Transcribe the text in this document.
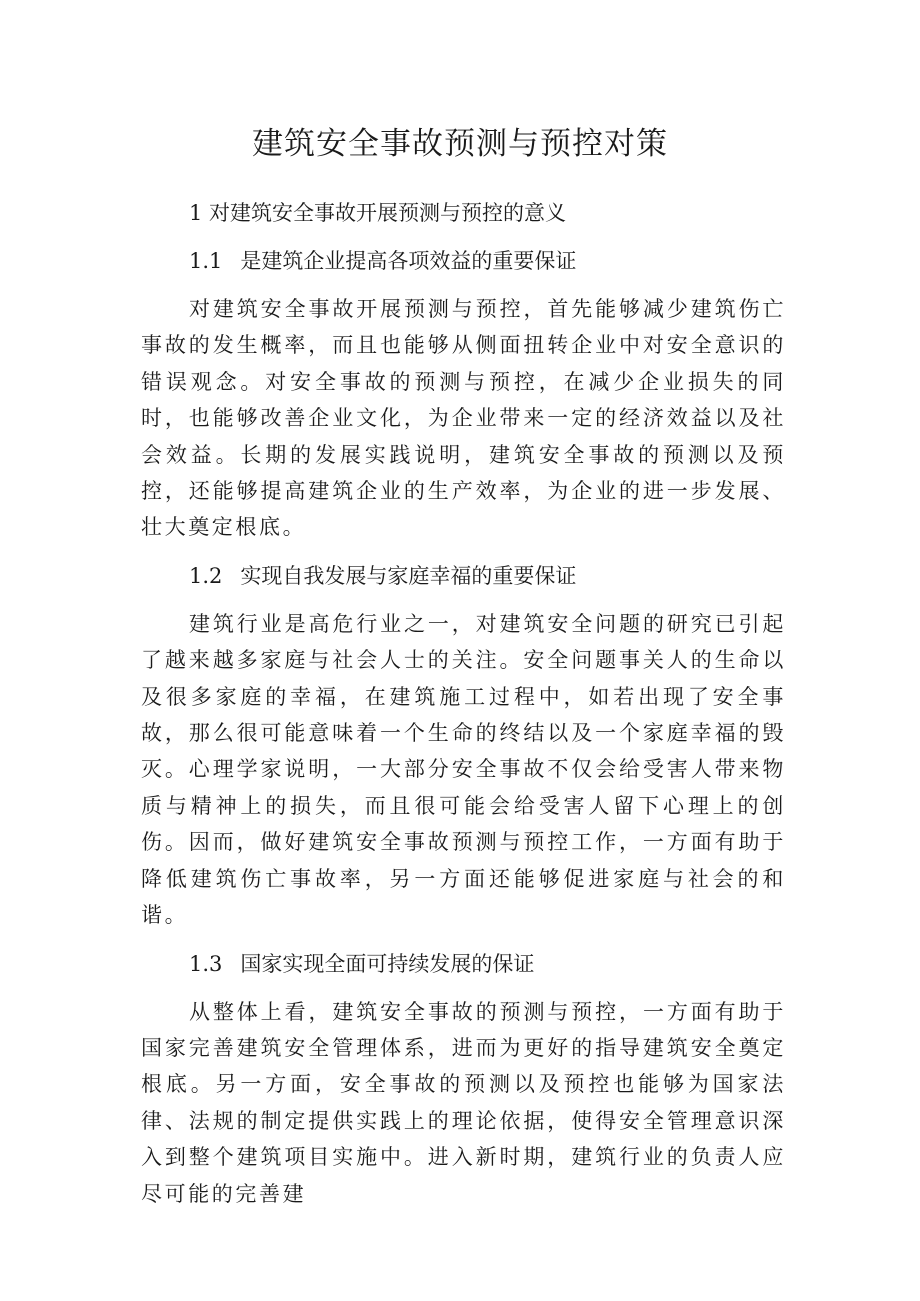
建筑安全事故预测与预控对策

1 对建筑安全事故开展预测与预控的意义

1.1 是建筑企业提高各项效益的重要保证

对建筑安全事故开展预测与预控，首先能够减少建筑伤亡事故的发生概率，而且也能够从侧面扭转企业中对安全意识的错误观念。对安全事故的预测与预控，在减少企业损失的同时，也能够改善企业文化，为企业带来一定的经济效益以及社会效益。长期的发展实践说明，建筑安全事故的预测以及预控，还能够提高建筑企业的生产效率，为企业的进一步发展、壮大奠定根底。

1.2 实现自我发展与家庭幸福的重要保证

建筑行业是高危行业之一，对建筑安全问题的研究已引起了越来越多家庭与社会人士的关注。安全问题事关人的生命以及很多家庭的幸福，在建筑施工过程中，如若出现了安全事故，那么很可能意味着一个生命的终结以及一个家庭幸福的毁灭。心理学家说明，一大部分安全事故不仅会给受害人带来物质与精神上的损失，而且很可能会给受害人留下心理上的创伤。因而，做好建筑安全事故预测与预控工作，一方面有助于降低建筑伤亡事故率，另一方面还能够促进家庭与社会的和谐。

1.3 国家实现全面可持续发展的保证

从整体上看，建筑安全事故的预测与预控，一方面有助于国家完善建筑安全管理体系，进而为更好的指导建筑安全奠定根底。另一方面，安全事故的预测以及预控也能够为国家法律、法规的制定提供实践上的理论依据，使得安全管理意识深入到整个建筑项目实施中。进入新时期，建筑行业的负责人应尽可能的完善建
